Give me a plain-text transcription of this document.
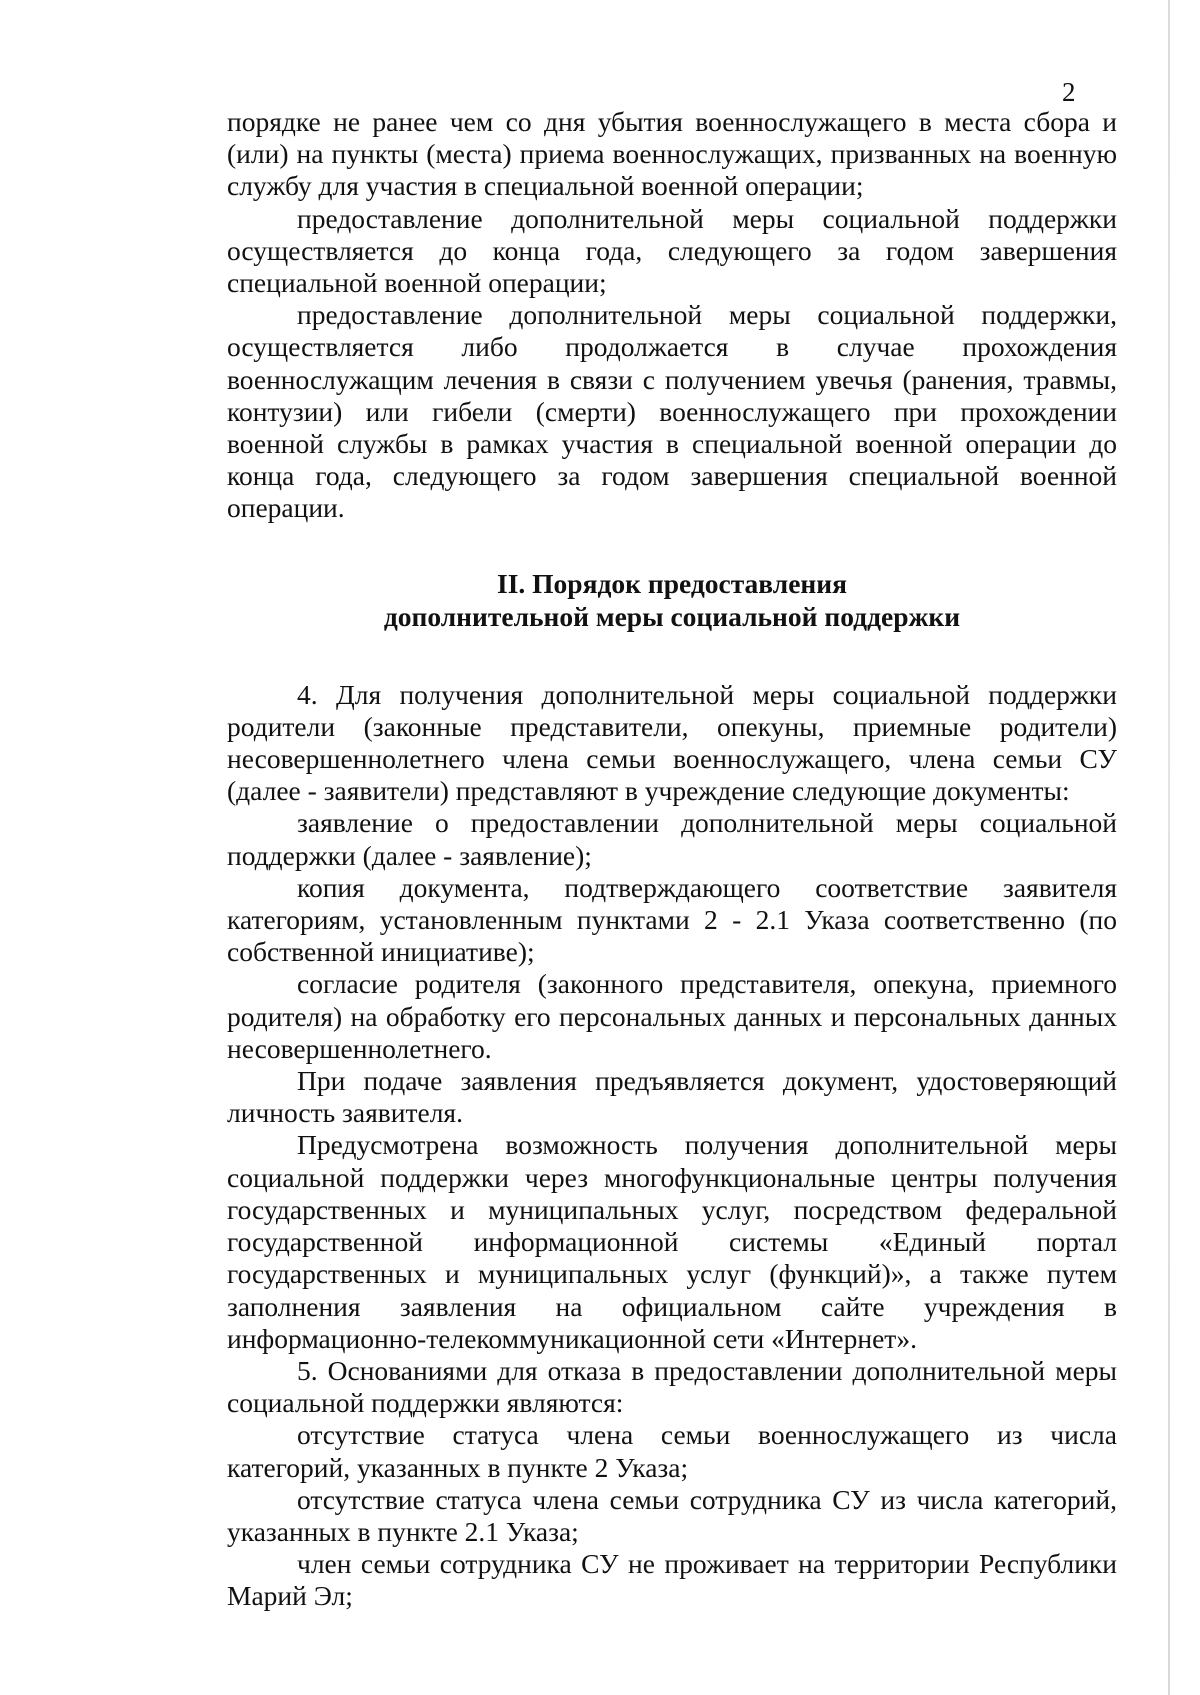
2

порядке не ранее чем со дня убытия военнослужащего в места сбора и (или) на пункты (места) приема военнослужащих, призванных на военную службу для участия в специальной военной операции;

предоставление дополнительной меры социальной поддержки осуществляется до конца года, следующего за годом завершения специальной военной операции;

предоставление дополнительной меры социальной поддержки, осуществляется либо продолжается в случае прохождения военнослужащим лечения в связи с получением увечья (ранения, травмы, контузии) или гибели (смерти) военнослужащего при прохождении военной службы в рамках участия в специальной военной операции до конца года, следующего за годом завершения специальной военной операции.

II. Порядок предоставления
дополнительной меры социальной поддержки

4. Для получения дополнительной меры социальной поддержки родители (законные представители, опекуны, приемные родители) несовершеннолетнего члена семьи военнослужащего, члена семьи СУ (далее - заявители) представляют в учреждение следующие документы:

заявление о предоставлении дополнительной меры социальной поддержки (далее - заявление);

копия документа, подтверждающего соответствие заявителя категориям, установленным пунктами 2 - 2.1 Указа соответственно (по собственной инициативе);

согласие родителя (законного представителя, опекуна, приемного родителя) на обработку его персональных данных и персональных данных несовершеннолетнего.

При подаче заявления предъявляется документ, удостоверяющий личность заявителя.

Предусмотрена возможность получения дополнительной меры социальной поддержки через многофункциональные центры получения государственных и муниципальных услуг, посредством федеральной государственной информационной системы «Единый портал государственных и муниципальных услуг (функций)», а также путем заполнения заявления на официальном сайте учреждения в информационно-телекоммуникационной сети «Интернет».

5. Основаниями для отказа в предоставлении дополнительной меры социальной поддержки являются:

отсутствие статуса члена семьи военнослужащего из числа категорий, указанных в пункте 2 Указа;

отсутствие статуса члена семьи сотрудника СУ из числа категорий, указанных в пункте 2.1 Указа;

член семьи сотрудника СУ не проживает на территории Республики Марий Эл;
